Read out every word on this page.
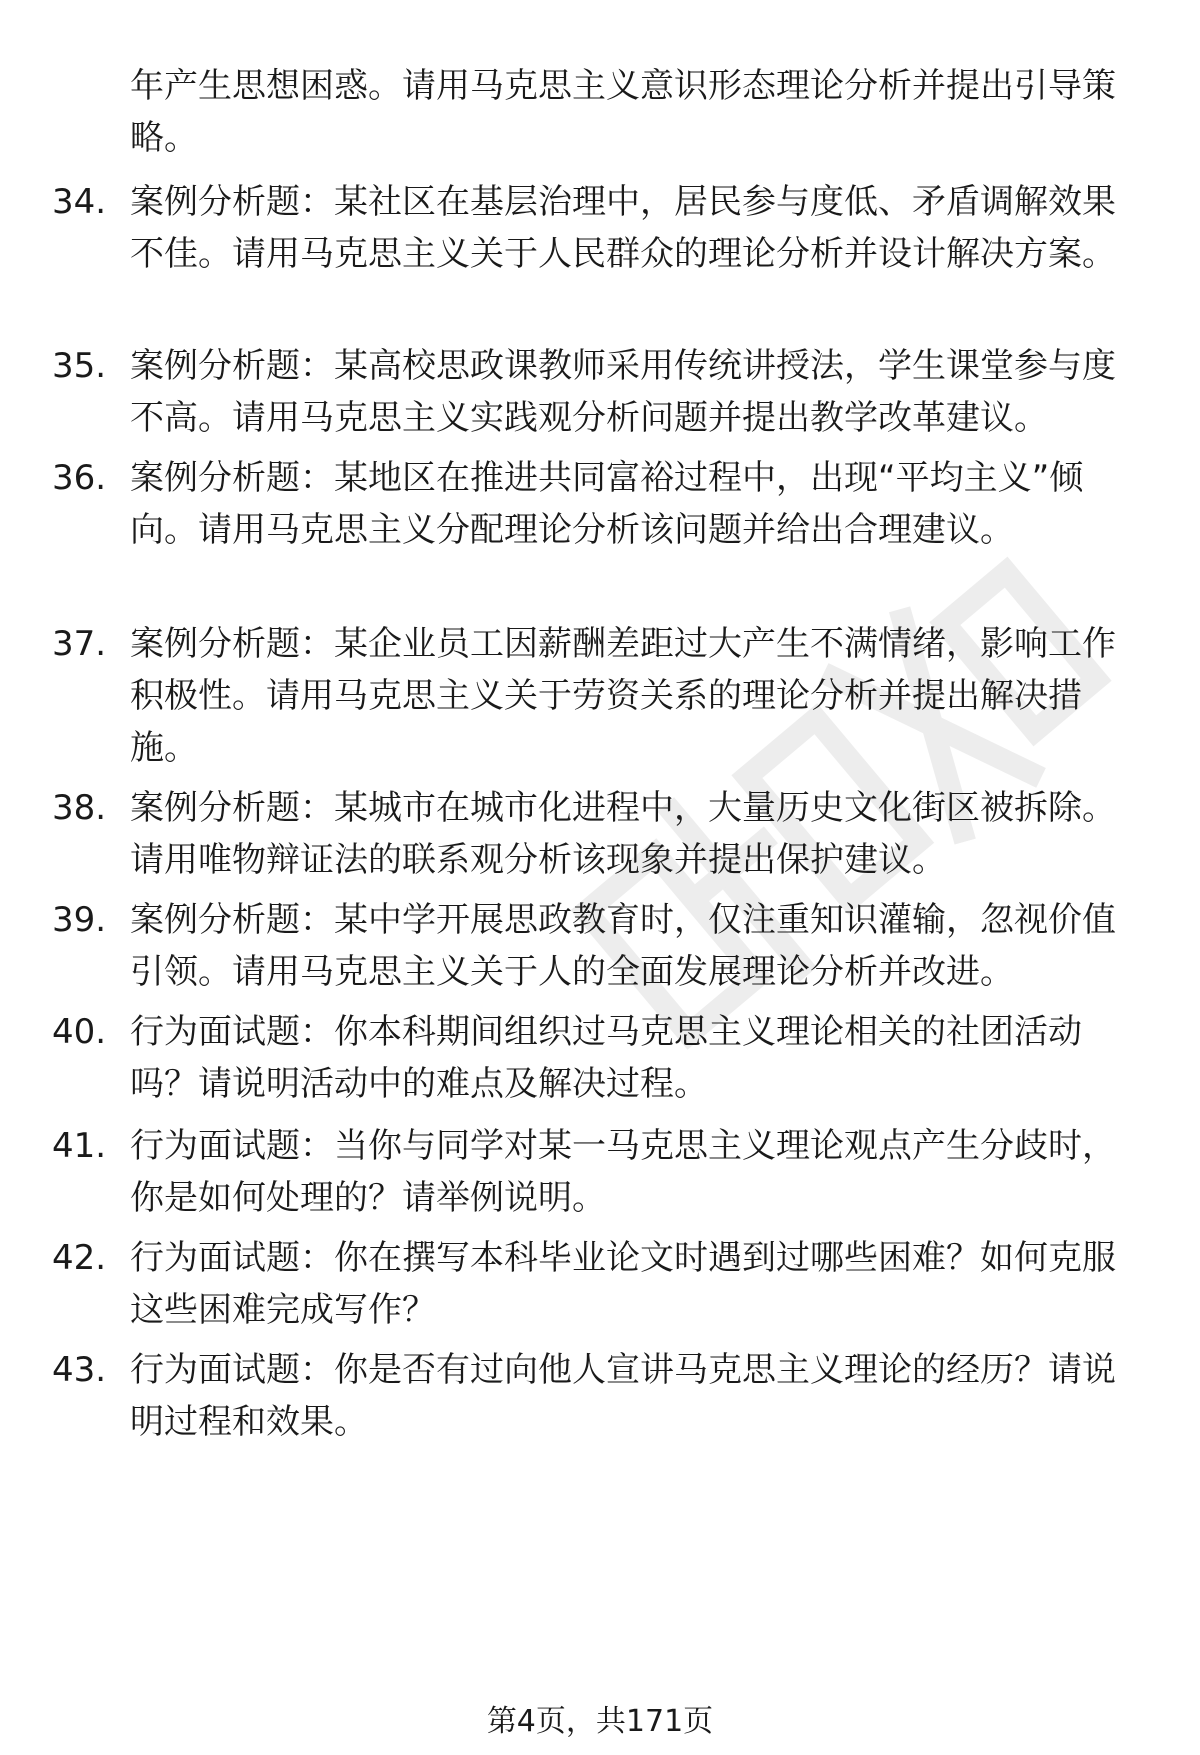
年产生思想困惑。请用马克思主义意识形态理论分析并提出引导策略。

34. 案例分析题：某社区在基层治理中，居民参与度低、矛盾调解效果不佳。请用马克思主义关于人民群众的理论分析并设计解决方案。

35. 案例分析题：某高校思政课教师采用传统讲授法，学生课堂参与度不高。请用马克思主义实践观分析问题并提出教学改革建议。

36. 案例分析题：某地区在推进共同富裕过程中，出现“平均主义”倾向。请用马克思主义分配理论分析该问题并给出合理建议。

37. 案例分析题：某企业员工因薪酬差距过大产生不满情绪，影响工作积极性。请用马克思主义关于劳资关系的理论分析并提出解决措施。

38. 案例分析题：某城市在城市化进程中，大量历史文化街区被拆除。请用唯物辩证法的联系观分析该现象并提出保护建议。

39. 案例分析题：某中学开展思政教育时，仅注重知识灌输，忽视价值引领。请用马克思主义关于人的全面发展理论分析并改进。

40. 行为面试题：你本科期间组织过马克思主义理论相关的社团活动吗？请说明活动中的难点及解决过程。

41. 行为面试题：当你与同学对某一马克思主义理论观点产生分歧时，你是如何处理的？请举例说明。

42. 行为面试题：你在撰写本科毕业论文时遇到过哪些困难？如何克服这些困难完成写作？

43. 行为面试题：你是否有过向他人宣讲马克思主义理论的经历？请说明过程和效果。

第4页，共171页
